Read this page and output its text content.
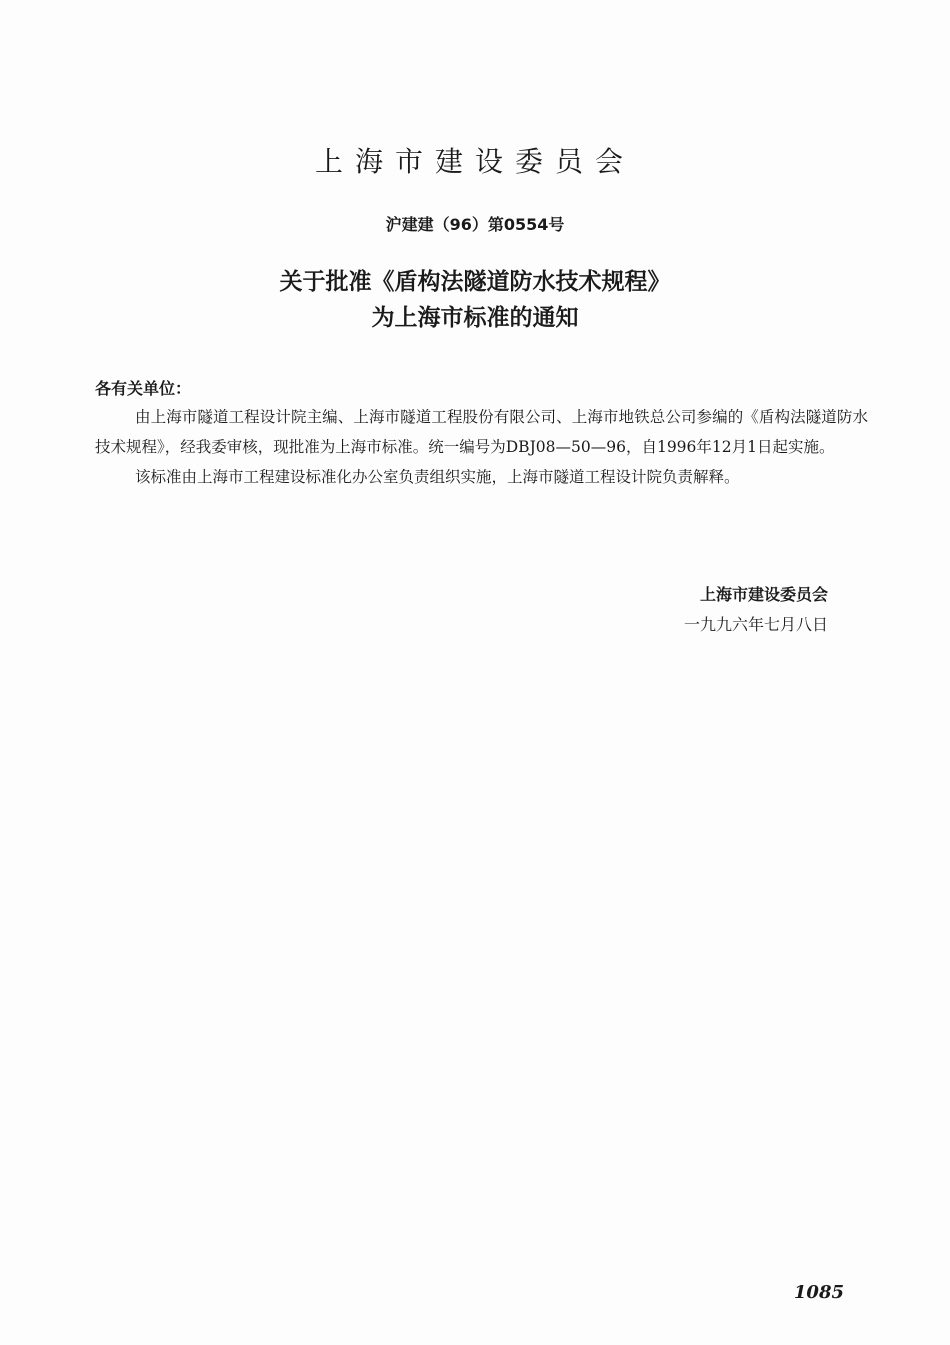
上海市建设委员会
沪建建（96）第0554号
关于批准《盾构法隧道防水技术规程》
为上海市标准的通知
各有关单位：

由上海市隧道工程设计院主编、上海市隧道工程股份有限公司、上海市地铁总公司参编的《盾构法隧道防水技术规程》，经我委审核，现批准为上海市标准。统一编号为DBJ08—50—96，自1996年12月1日起实施。

该标准由上海市工程建设标准化办公室负责组织实施，上海市隧道工程设计院负责解释。

上海市建设委员会
一九九六年七月八日
1085
